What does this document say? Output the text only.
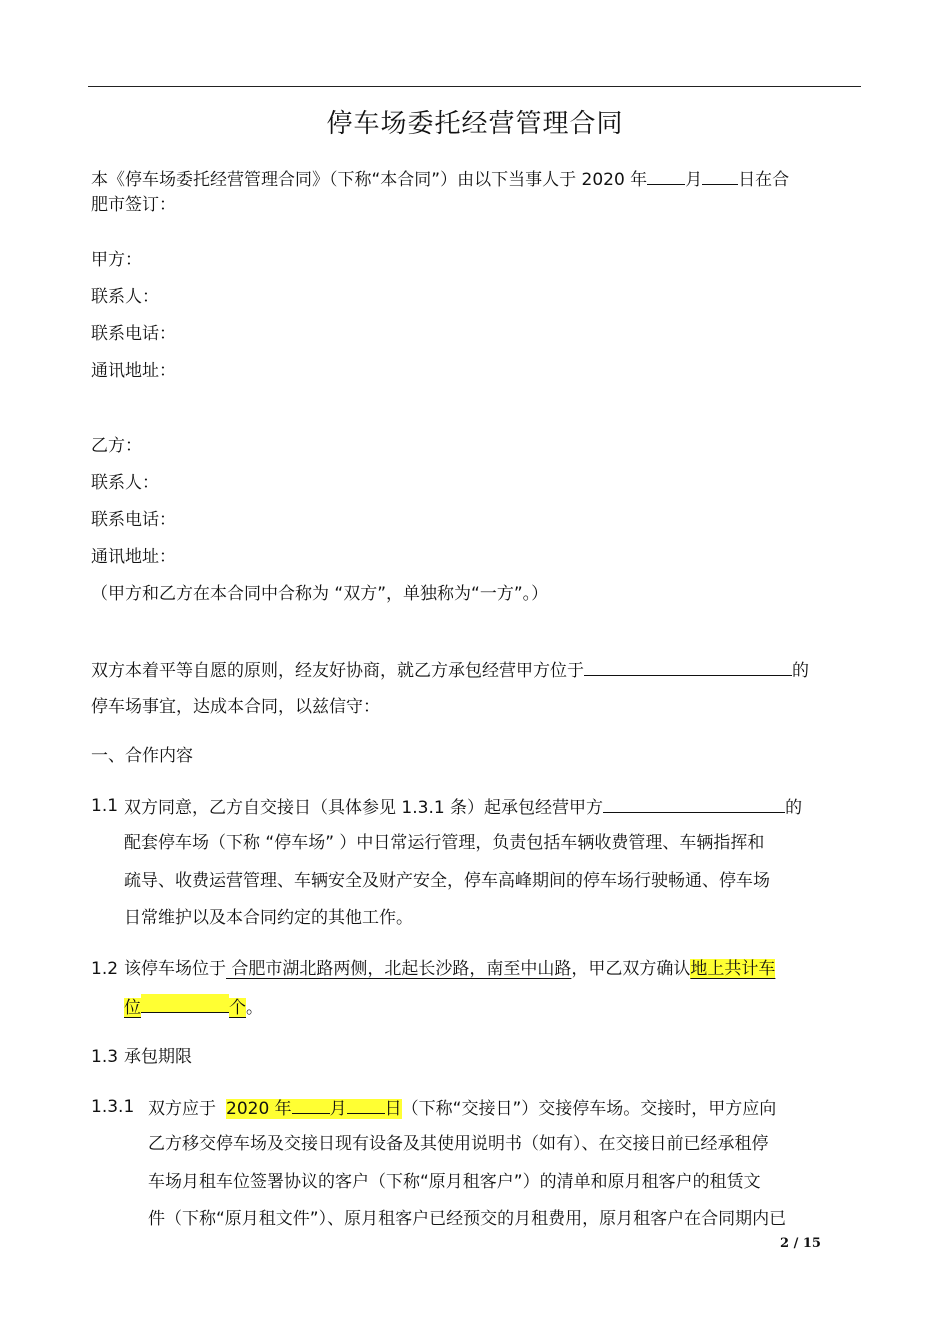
停车场委托经营管理合同
本《停车场委托经营管理合同》（下称“本合同”）由以下当事人于 2020 年 月 日在合
肥市签订：
甲方：
联系人：
联系电话：
通讯地址：
乙方：
联系人：
联系电话：
通讯地址：
（甲方和乙方在本合同中合称为 “双方”，单独称为“一方”。）
双方本着平等自愿的原则，经友好协商，就乙方承包经营甲方位于	的
停车场事宜，达成本合同，以兹信守：
一、合作内容
1.1 双方同意，乙方自交接日（具体参见 1.3.1 条）起承包经营甲方	的
配套停车场（下称 “停车场” ）中日常运行管理，负责包括车辆收费管理、车辆指挥和
疏导、收费运营管理、车辆安全及财产安全，停车高峰期间的停车场行驶畅通、停车场
日常维护以及本合同约定的其他工作。
1.2 该停车场位于 合肥市湖北路两侧，北起长沙路，南至中山路，甲乙双方确认地上共计车
位	个。
1.3 承包期限
1.3.1 双方应于 2020 年 月 日（下称“交接日”）交接停车场。交接时，甲方应向
乙方移交停车场及交接日现有设备及其使用说明书（如有）、在交接日前已经承租停
车场月租车位签署协议的客户（下称“原月租客户”）的清单和原月租客户的租赁文
件（下称“原月租文件”）、原月租客户已经预交的月租费用，原月租客户在合同期内已
2 / 15
